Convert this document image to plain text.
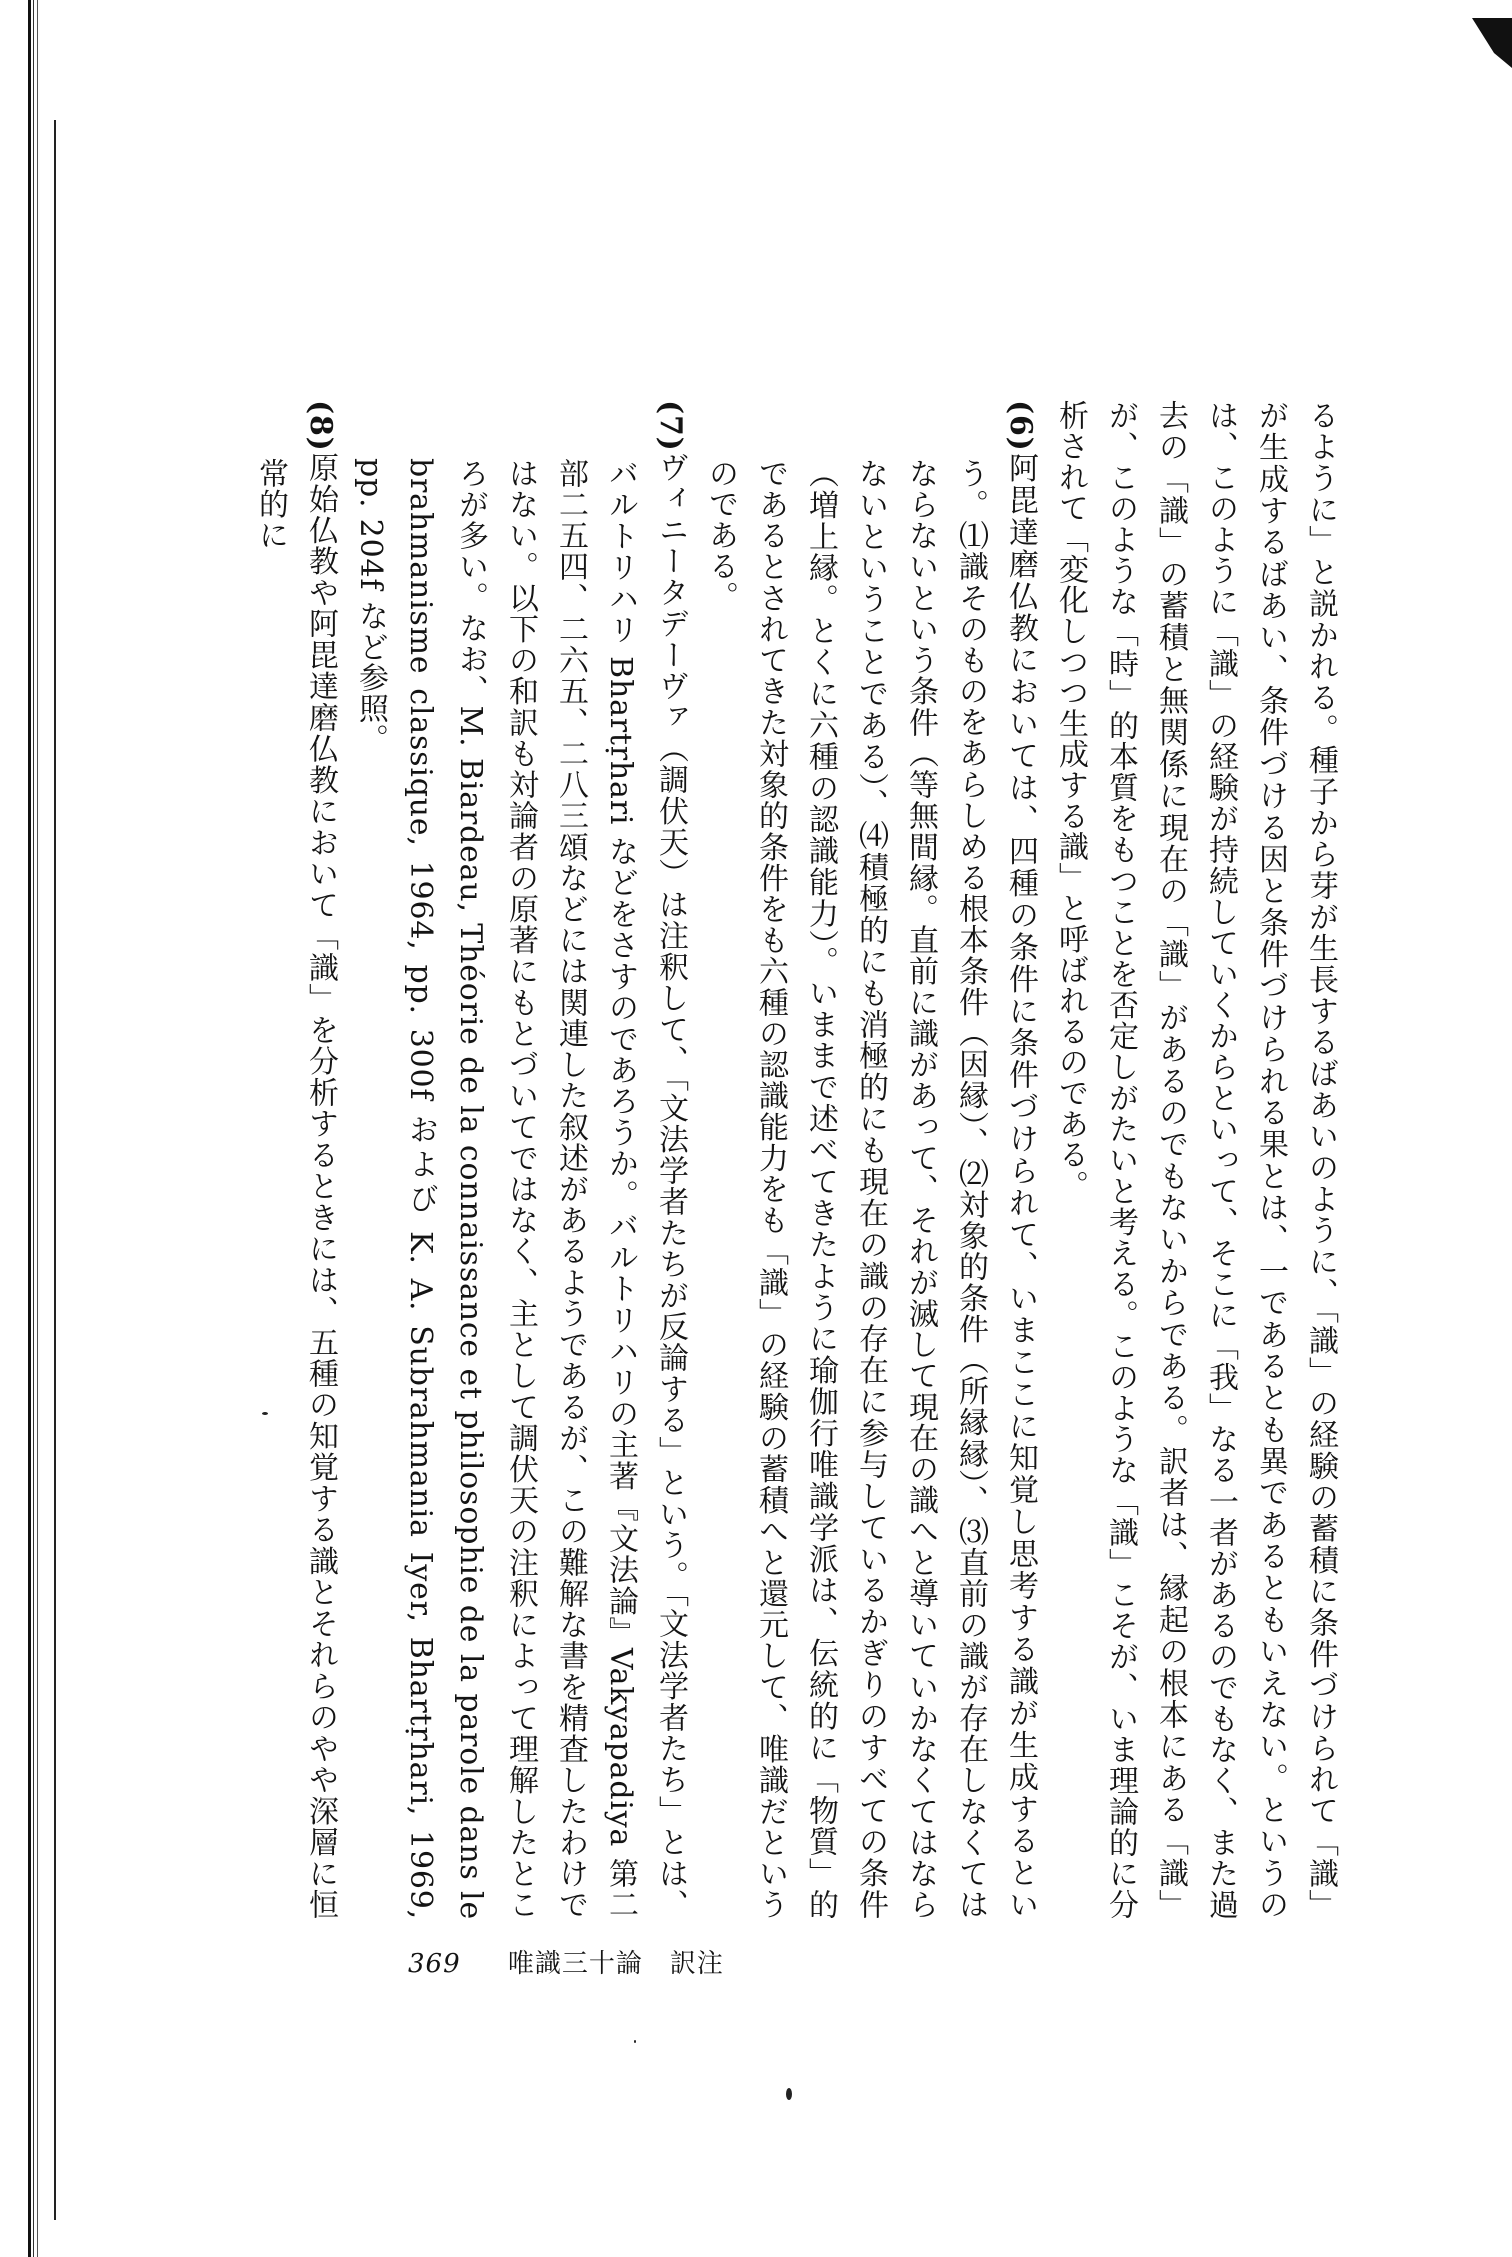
るように」と説かれる。種子から芽が生長するばあいのように、「識」の経験の蓄積に条件づけられて「識」が生成するばあい、条件づける因と条件づけられる果とは、一であるとも異であるともいえない。というのは、このように「識」の経験が持続していくからといって、そこに「我」なる一者があるのでもなく、また過去の「識」の蓄積と無関係に現在の「識」があるのでもないからである。訳者は、縁起の根本にある「識」が、このような「時」的本質をもつことを否定しがたいと考える。このような「識」こそが、いま理論的に分析されて「変化しつつ生成する識」と呼ばれるのである。

(6)阿毘達磨仏教においては、四種の条件に条件づけられて、いまここに知覚し思考する識が生成するという。⑴識そのものをあらしめる根本条件（因縁）、⑵対象的条件（所縁縁）、⑶直前の識が存在しなくてはならないという条件（等無間縁。直前に識があって、それが滅して現在の識へと導いていかなくてはならないということである）、⑷積極的にも消極的にも現在の識の存在に参与しているかぎりのすべての条件（増上縁。とくに六種の認識能力）。いままで述べてきたように瑜伽行唯識学派は、伝統的に「物質」的であるとされてきた対象的条件をも六種の認識能力をも「識」の経験の蓄積へと還元して、唯識だというのである。

(7)ヴィニータデーヴァ（調伏天）は注釈して、「文法学者たちが反論する」という。「文法学者たち」とは、バルトリハリ Bhartṛhari などをさすのであろうか。バルトリハリの主著『文法論』Vakyapadiya 第二部二五四、二六五、二八三頌などには関連した叙述があるようであるが、この難解な書を精査したわけではない。以下の和訳も対論者の原著にもとづいてではなく、主として調伏天の注釈によって理解したところが多い。なお、M. Biardeau, Théorie de la connaissance et philosophie de la parole dans le brahmanisme classique, 1964, pp. 300f および K. A. Subrahmania Iyer, Bhartṛhari, 1969, pp. 204f など参照。

(8)原始仏教や阿毘達磨仏教において「識」を分析するときには、五種の知覚する識とそれらのやや深層に恒常的に

369 唯識三十論　訳注
